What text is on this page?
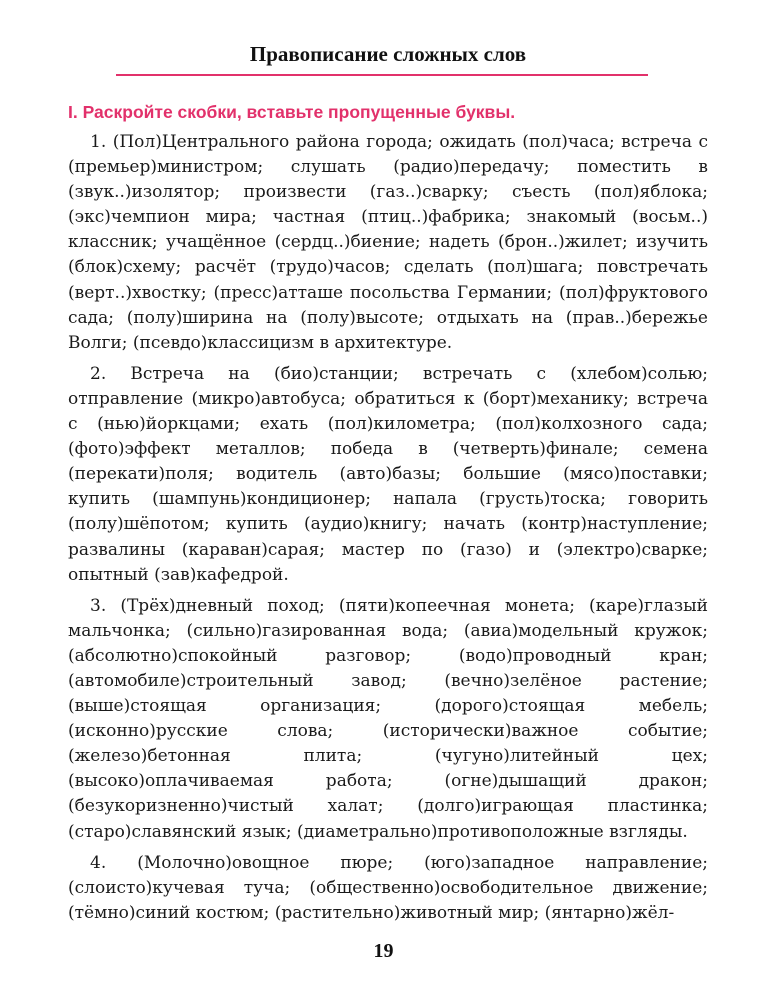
Правописание сложных слов
I. Раскройте скобки, вставьте пропущенные буквы.

1. (Пол)Центрального района города; ожидать (пол)часа; встреча с (премьер)министром; слушать (радио)передачу; поместить в (звук..)изолятор; произвести (газ..)сварку; съесть (пол)яблока; (экс)чемпион мира; частная (птиц..)фабрика; знакомый (восьм..) классник; учащённое (сердц..)биение; надеть (брон..)жилет; изучить (блок)схему; расчёт (трудо)часов; сделать (пол)шага; повстречать (верт..)хвостку; (пресс)атташе посольства Германии; (пол)фруктового сада; (полу)ширина на (полу)высоте; отдыхать на (прав..)бережье Волги; (псевдо)классицизм в архитектуре.

2. Встреча на (био)станции; встречать с (хлебом)солью; отправление (микро)автобуса; обратиться к (борт)механику; встреча с (нью)йоркцами; ехать (пол)километра; (пол)колхозного сада; (фото)эффект металлов; победа в (четверть)финале; семена (перекати)поля; водитель (авто)базы; большие (мясо)поставки; купить (шампунь)кондиционер; напала (грусть)тоска; говорить (полу)шёпотом; купить (аудио)книгу; начать (контр)наступление; развалины (караван)сарая; мастер по (газо) и (электро)сварке; опытный (зав)кафедрой.

3. (Трёх)дневный поход; (пяти)копеечная монета; (каре)глазый мальчонка; (сильно)газированная вода; (авиа)модельный кружок; (абсолютно)спокойный разговор; (водо)проводный кран; (автомобиле)строительный завод; (вечно)зелёное растение; (выше)стоящая организация; (дорого)стоящая мебель; (исконно)русские слова; (исторически)важное событие; (железо)бетонная плита; (чугуно)литейный цех; (высоко)оплачиваемая работа; (огне)дышащий дракон; (безукоризненно)чистый халат; (долго)играющая пластинка; (старо)славянский язык; (диаметрально)противоположные взгляды.

4. (Молочно)овощное пюре; (юго)западное направление; (слоисто)кучевая туча; (общественно)освободительное движение; (тёмно)синий костюм; (растительно)животный мир; (янтарно)жёл-

19
